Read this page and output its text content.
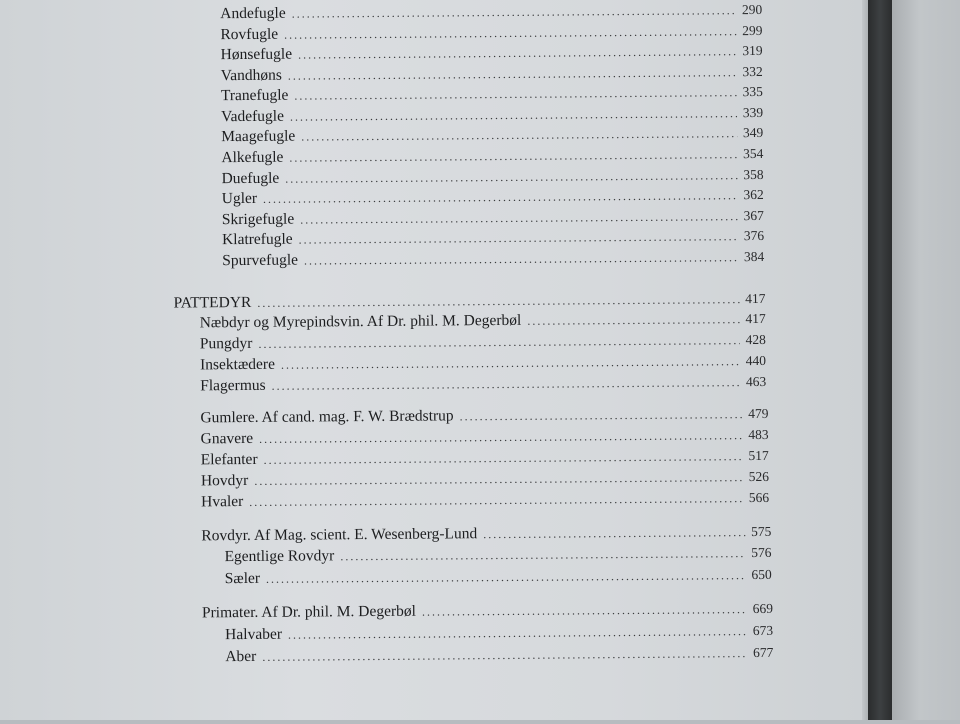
Andefugle .....	290
Rovfugle .....	299
Hønsefugle .....	319
Vandhøns .....	332
Tranefugle .....	335
Vadefugle .....	339
Maagefugle .....	349
Alkefugle .....	354
Duefugle .....	358
Ugler .....	362
Skrigefugle .....	367
Klatrefugle .....	376
Spurvefugle .....	384
PATTEDYR .....	417
Næbdyr og Myrepindsvin. Af Dr. phil. M. Degerbøl .....	417
Pungdyr .....	428
Insektædere .....	440
Flagermus .....	463
Gumlere. Af cand. mag. F. W. Brædstrup .....	479
Gnavere .....	483
Elefanter .....	517
Hovdyr .....	526
Hvaler .....	566
Rovdyr. Af Mag. scient. E. Wesenberg-Lund .....	575
Egentlige Rovdyr .....	576
Sæler .....	650
Primater. Af Dr. phil. M. Degerbøl .....	669
Halvaber .....	673
Aber .....	677
